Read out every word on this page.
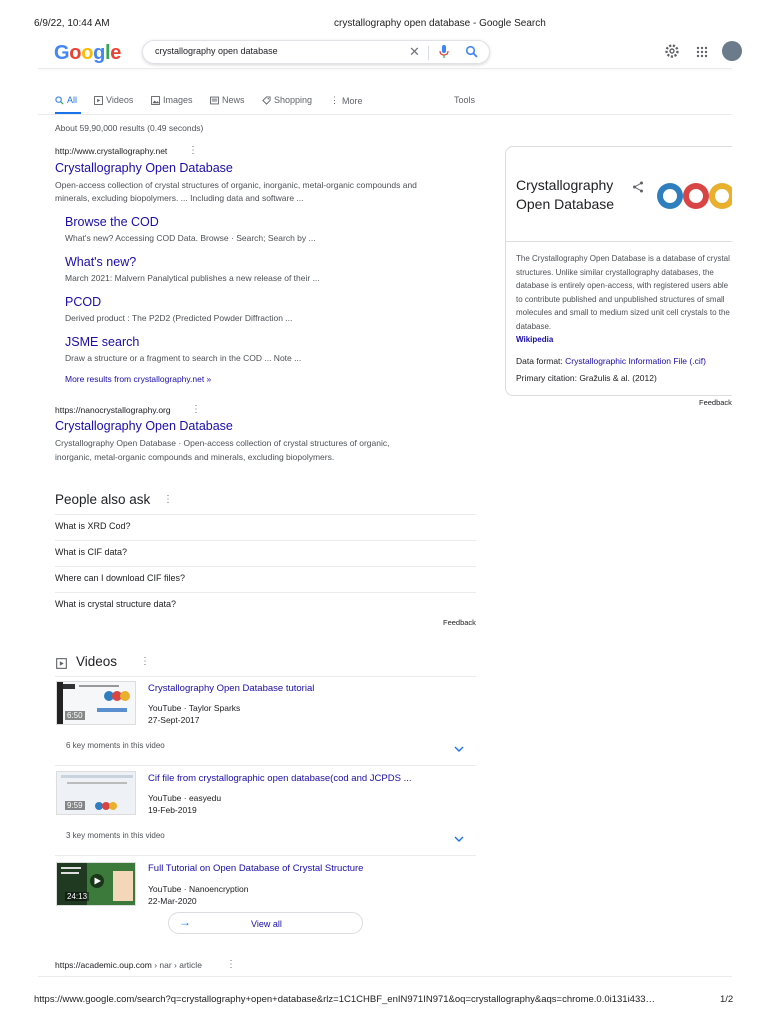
6/9/22, 10:44 AM	crystallography open database - Google Search
Google	crystallography open database	✕
All	Videos	Images	News	Shopping ⋮ More	Tools
About 59,90,000 results (0.49 seconds)
http://www.crystallography.net ⋮
Crystallography Open Database
Open-access collection of crystal structures of organic, inorganic, metal-organic compounds and
minerals, excluding biopolymers. ... Including data and software ...
Browse the COD
What's new? Accessing COD Data. Browse · Search; Search by ...
What's new?
March 2021: Malvern Panalytical publishes a new release of their ...
PCOD
Derived product : The P2D2 (Predicted Powder Diffraction ...
JSME search
Draw a structure or a fragment to search in the COD ... Note ...
More results from crystallography.net »
https://nanocrystallography.org ⋮
Crystallography Open Database
Crystallography Open Database · Open-access collection of crystal structures of organic,
inorganic, metal-organic compounds and minerals, excluding biopolymers.
People also ask ⋮
What is XRD Cod?
What is CIF data?
Where can I download CIF files?
What is crystal structure data?
Feedback
Videos ⋮
6:50
Crystallography Open Database tutorial
YouTube · Taylor Sparks
27-Sept-2017
6 key moments in this video
9:59
Cif file from crystallographic open database(cod and JCPDS ...
YouTube · easyedu
19-Feb-2019
3 key moments in this video
24:13
Full Tutorial on Open Database of Crystal Structure
YouTube · Nanoencryption
22-Mar-2020
→	View all
https://academic.oup.com › nar › article ⋮
Crystallography Open Database
The Crystallography Open Database is a database of crystal structures. Unlike similar crystallography databases, the database is entirely open-access, with registered users able to contribute published and unpublished structures of small molecules and small to medium sized unit cell crystals to the database.
Wikipedia
Data format: Crystallographic Information File (.cif)
Primary citation: Gražulis & al. (2012)
Feedback
https://www.google.com/search?q=crystallography+open+database&rlz=1C1CHBF_enIN971IN971&oq=crystallography&aqs=chrome.0.0i131i433…	1/2
